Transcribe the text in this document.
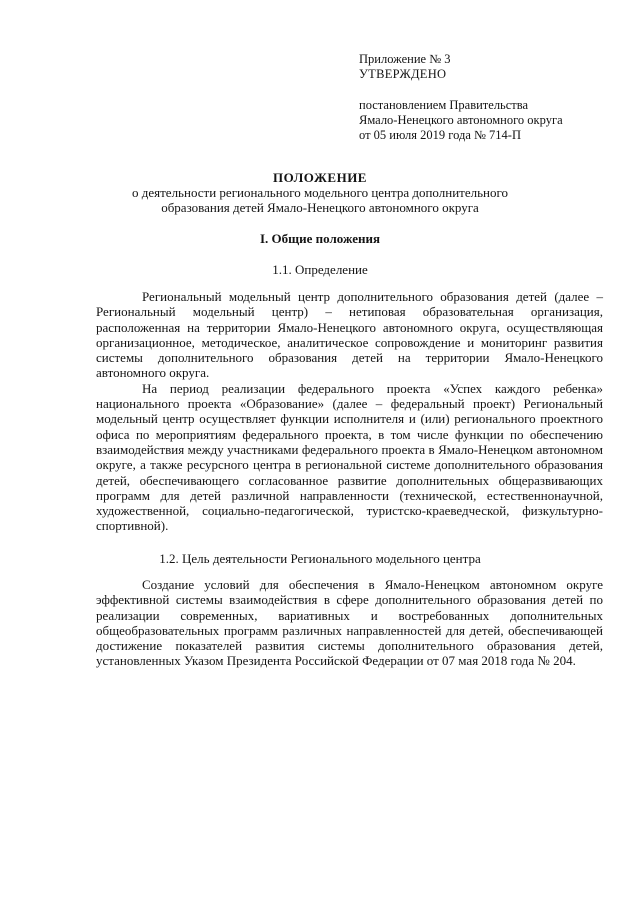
Приложение № 3
УТВЕРЖДЕНО
постановлением Правительства
Ямало-Ненецкого автономного округа
от 05 июля 2019 года № 714-П
ПОЛОЖЕНИЕ
о деятельности регионального модельного центра дополнительного
образования детей Ямало-Ненецкого автономного округа
I. Общие положения
1.1. Определение

Региональный модельный центр дополнительного образования детей (далее – Региональный модельный центр) – нетиповая образовательная организация, расположенная на территории Ямало-Ненецкого автономного округа, осуществляющая организационное, методическое, аналитическое сопровождение и мониторинг развития системы дополнительного образования детей на территории Ямало-Ненецкого автономного округа.

На период реализации федерального проекта «Успех каждого ребенка» национального проекта «Образование» (далее – федеральный проект) Региональный модельный центр осуществляет функции исполнителя и (или) регионального проектного офиса по мероприятиям федерального проекта, в том числе функции по обеспечению взаимодействия между участниками федерального проекта в Ямало-Ненецком автономном округе, а также ресурсного центра в региональной системе дополнительного образования детей, обеспечивающего согласованное развитие дополнительных общеразвивающих программ для детей различной направленности (технической, естественнонаучной, художественной, социально-педагогической, туристско-краеведческой, физкультурно-спортивной).

1.2. Цель деятельности Регионального модельного центра

Создание условий для обеспечения в Ямало-Ненецком автономном округе эффективной системы взаимодействия в сфере дополнительного образования детей по реализации современных, вариативных и востребованных дополнительных общеобразовательных программ различных направленностей для детей, обеспечивающей достижение показателей развития системы дополнительного образования детей, установленных Указом Президента Российской Федерации от 07 мая 2018 года № 204.
